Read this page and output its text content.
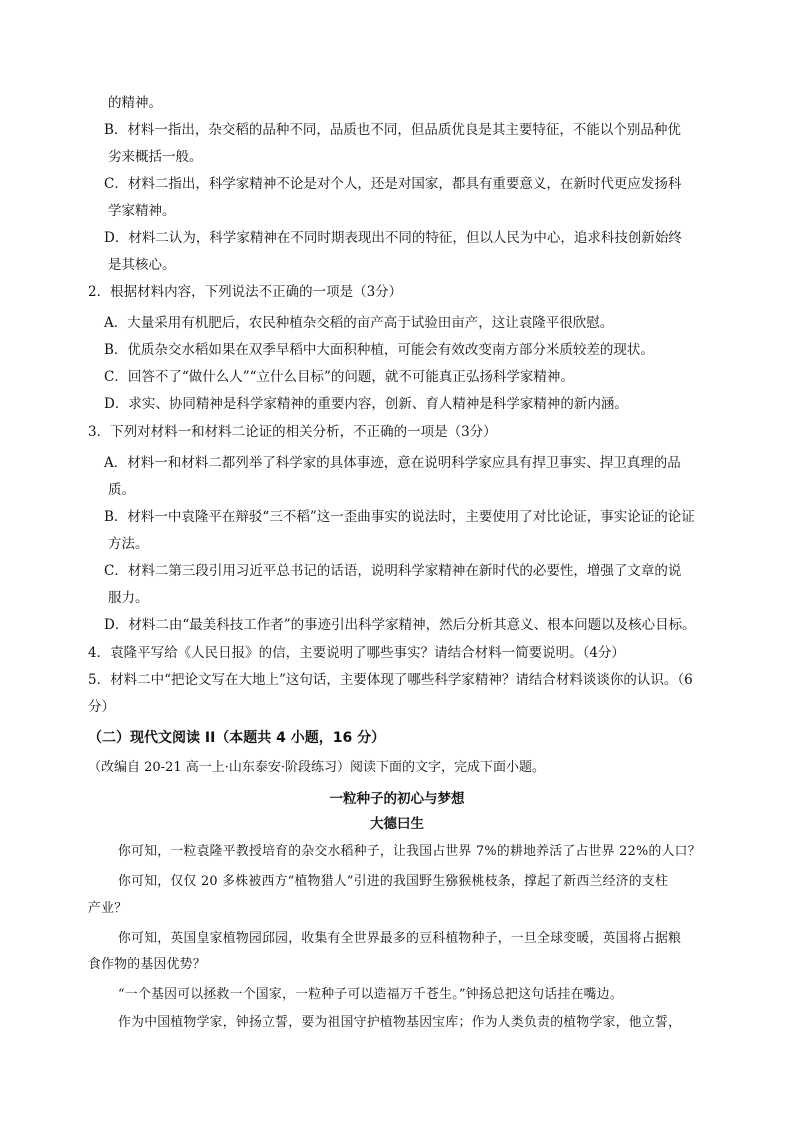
的精神。
B．材料一指出，杂交稻的品种不同，品质也不同，但品质优良是其主要特征，不能以个别品种优
劣来概括一般。
C．材料二指出，科学家精神不论是对个人，还是对国家，都具有重要意义，在新时代更应发扬科
学家精神。
D．材料二认为，科学家精神在不同时期表现出不同的特征，但以人民为中心，追求科技创新始终
是其核心。
2．根据材料内容，下列说法不正确的一项是（3分）
A．大量采用有机肥后，农民种植杂交稻的亩产高于试验田亩产，这让袁隆平很欣慰。
B．优质杂交水稻如果在双季早稻中大面积种植，可能会有效改变南方部分米质较差的现状。
C．回答不了“做什么人”“立什么目标”的问题，就不可能真正弘扬科学家精神。
D．求实、协同精神是科学家精神的重要内容，创新、育人精神是科学家精神的新内涵。
3．下列对材料一和材料二论证的相关分析，不正确的一项是（3分）
A．材料一和材料二都列举了科学家的具体事迹，意在说明科学家应具有捍卫事实、捍卫真理的品
质。
B．材料一中袁隆平在辩驳“三不稻”这一歪曲事实的说法时，主要使用了对比论证，事实论证的论证
方法。
C．材料二第三段引用习近平总书记的话语，说明科学家精神在新时代的必要性，增强了文章的说
服力。
D．材料二由“最美科技工作者”的事迹引出科学家精神，然后分析其意义、根本问题以及核心目标。
4．袁隆平写给《人民日报》的信，主要说明了哪些事实？请结合材料一简要说明。（4分）
5．材料二中“把论文写在大地上”这句话，主要体现了哪些科学家精神？请结合材料谈谈你的认识。（6
分）
（二）现代文阅读 II（本题共 4 小题，16 分）
（改编自 20-21 高一上·山东泰安·阶段练习）阅读下面的文字，完成下面小题。
一粒种子的初心与梦想
大德曰生
你可知，一粒袁隆平教授培育的杂交水稻种子，让我国占世界 7%的耕地养活了占世界 22%的人口？
你可知，仅仅 20 多株被西方“植物猎人”引进的我国野生猕猴桃枝条，撑起了新西兰经济的支柱
产业？
你可知，英国皇家植物园邱园，收集有全世界最多的豆科植物种子，一旦全球变暖，英国将占据粮
食作物的基因优势？
“一个基因可以拯救一个国家，一粒种子可以造福万千苍生。”钟扬总把这句话挂在嘴边。
作为中国植物学家，钟扬立誓，要为祖国守护植物基因宝库；作为人类负责的植物学家，他立誓，
